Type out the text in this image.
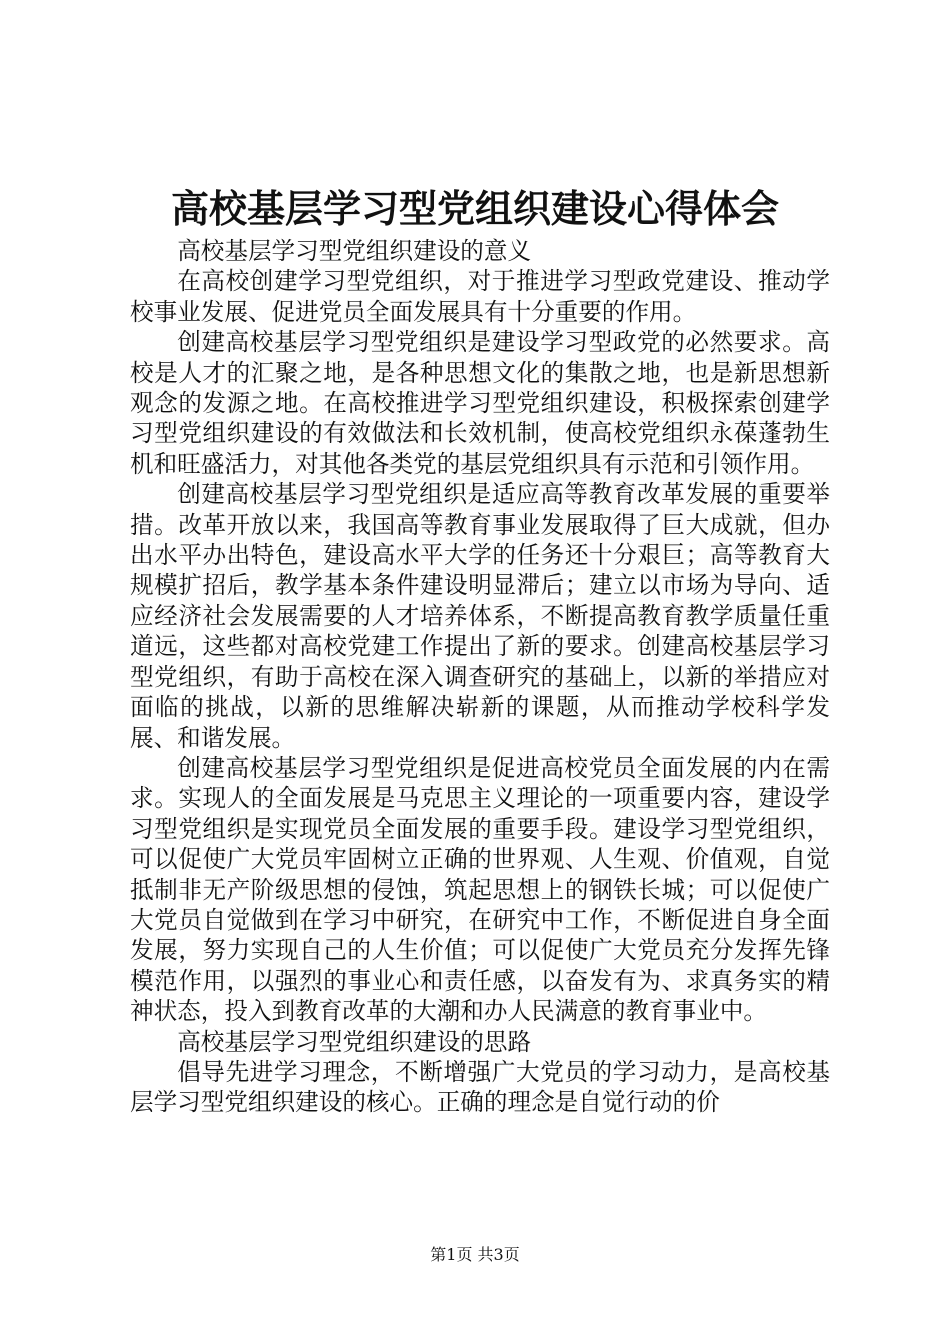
高校基层学习型党组织建设心得体会

高校基层学习型党组织建设的意义

在高校创建学习型党组织，对于推进学习型政党建设、推动学校事业发展、促进党员全面发展具有十分重要的作用。

创建高校基层学习型党组织是建设学习型政党的必然要求。高校是人才的汇聚之地，是各种思想文化的集散之地，也是新思想新观念的发源之地。在高校推进学习型党组织建设，积极探索创建学习型党组织建设的有效做法和长效机制，使高校党组织永葆蓬勃生机和旺盛活力，对其他各类党的基层党组织具有示范和引领作用。

创建高校基层学习型党组织是适应高等教育改革发展的重要举措。改革开放以来，我国高等教育事业发展取得了巨大成就，但办出水平办出特色，建设高水平大学的任务还十分艰巨；高等教育大规模扩招后，教学基本条件建设明显滞后；建立以市场为导向、适应经济社会发展需要的人才培养体系，不断提高教育教学质量任重道远，这些都对高校党建工作提出了新的要求。创建高校基层学习型党组织，有助于高校在深入调查研究的基础上，以新的举措应对面临的挑战，以新的思维解决崭新的课题，从而推动学校科学发展、和谐发展。

创建高校基层学习型党组织是促进高校党员全面发展的内在需求。实现人的全面发展是马克思主义理论的一项重要内容，建设学习型党组织是实现党员全面发展的重要手段。建设学习型党组织，可以促使广大党员牢固树立正确的世界观、人生观、价值观，自觉抵制非无产阶级思想的侵蚀，筑起思想上的钢铁长城；可以促使广大党员自觉做到在学习中研究，在研究中工作，不断促进自身全面发展，努力实现自己的人生价值；可以促使广大党员充分发挥先锋模范作用，以强烈的事业心和责任感，以奋发有为、求真务实的精神状态，投入到教育改革的大潮和办人民满意的教育事业中。

高校基层学习型党组织建设的思路

倡导先进学习理念，不断增强广大党员的学习动力，是高校基层学习型党组织建设的核心。正确的理念是自觉行动的价

第1页 共3页
